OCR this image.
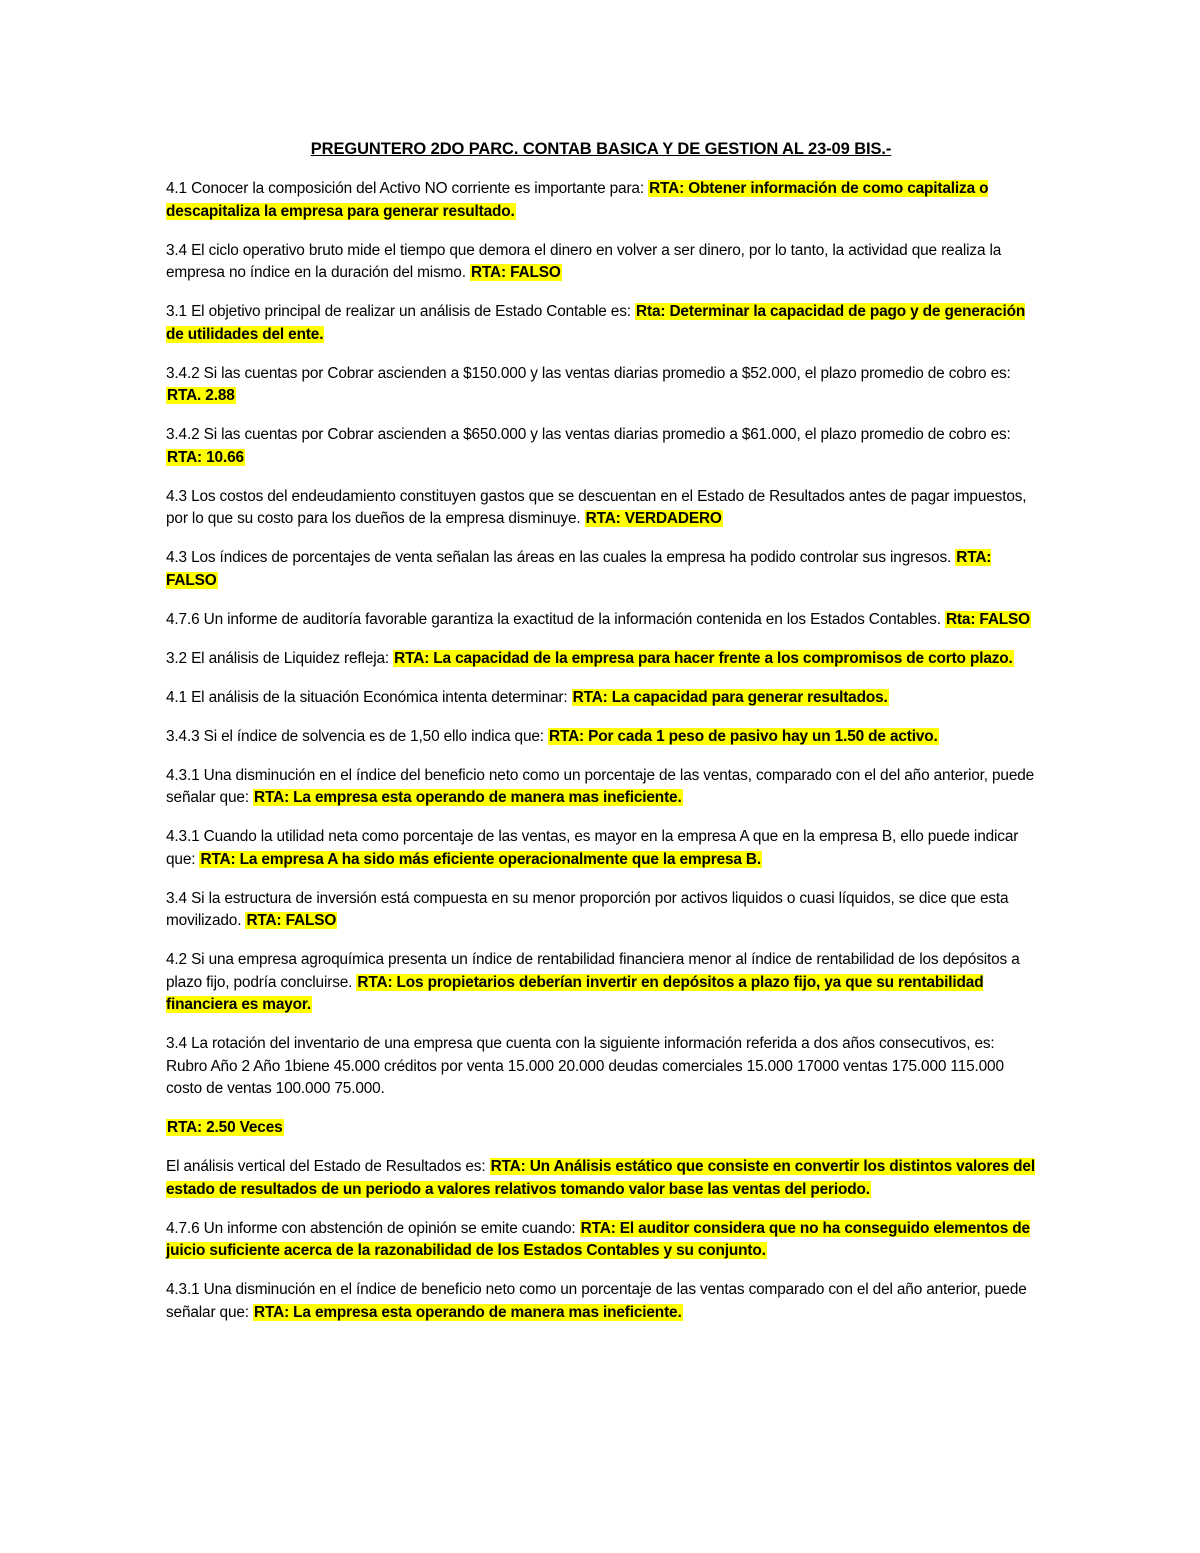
PREGUNTERO 2DO PARC. CONTAB BASICA Y DE GESTION AL 23-09 BIS.-

4.1 Conocer la composición del Activo NO corriente es importante para: RTA: Obtener información de como capitaliza o descapitaliza la empresa para generar resultado.

3.4 El ciclo operativo bruto mide el tiempo que demora el dinero en volver a ser dinero, por lo tanto, la actividad que realiza la empresa no índice en la duración del mismo. RTA: FALSO

3.1 El objetivo principal de realizar un análisis de Estado Contable es: Rta: Determinar la capacidad de pago y de generación de utilidades del ente.

3.4.2 Si las cuentas por Cobrar ascienden a $150.000 y las ventas diarias promedio a $52.000, el plazo promedio de cobro es: RTA. 2.88

3.4.2 Si las cuentas por Cobrar ascienden a $650.000 y las ventas diarias promedio a $61.000, el plazo promedio de cobro es: RTA: 10.66

4.3 Los costos del endeudamiento constituyen gastos que se descuentan en el Estado de Resultados antes de pagar impuestos, por lo que su costo para los dueños de la empresa disminuye. RTA: VERDADERO

4.3 Los índices de porcentajes de venta señalan las áreas en las cuales la empresa ha podido controlar sus ingresos. RTA: FALSO

4.7.6 Un informe de auditoría favorable garantiza la exactitud de la información contenida en los Estados Contables. Rta: FALSO

3.2 El análisis de Liquidez refleja: RTA: La capacidad de la empresa para hacer frente a los compromisos de corto plazo.

4.1 El análisis de la situación Económica intenta determinar: RTA: La capacidad para generar resultados.

3.4.3 Si el índice de solvencia es de 1,50 ello indica que: RTA: Por cada 1 peso de pasivo hay un 1.50 de activo.

4.3.1 Una disminución en el índice del beneficio neto como un porcentaje de las ventas, comparado con el del año anterior, puede señalar que: RTA: La empresa esta operando de manera mas ineficiente.

4.3.1 Cuando la utilidad neta como porcentaje de las ventas, es mayor en la empresa A que en la empresa B, ello puede indicar que: RTA: La empresa A ha sido más eficiente operacionalmente que la empresa B.

3.4 Si la estructura de inversión está compuesta en su menor proporción por activos liquidos o cuasi líquidos, se dice que esta movilizado. RTA: FALSO

4.2 Si una empresa agroquímica presenta un índice de rentabilidad financiera menor al índice de rentabilidad de los depósitos a plazo fijo, podría concluirse. RTA: Los propietarios deberían invertir en depósitos a plazo fijo, ya que su rentabilidad financiera es mayor.

3.4 La rotación del inventario de una empresa que cuenta con la siguiente información referida a dos años consecutivos, es: Rubro Año 2 Año 1biene 45.000 créditos por venta 15.000 20.000 deudas comerciales 15.000 17000 ventas 175.000 115.000 costo de ventas 100.000 75.000.

RTA: 2.50 Veces

El análisis vertical del Estado de Resultados es: RTA: Un Análisis estático que consiste en convertir los distintos valores del estado de resultados de un periodo a valores relativos tomando valor base las ventas del periodo.

4.7.6 Un informe con abstención de opinión se emite cuando: RTA: El auditor considera que no ha conseguido elementos de juicio suficiente acerca de la razonabilidad de los Estados Contables y su conjunto.

4.3.1 Una disminución en el índice de beneficio neto como un porcentaje de las ventas comparado con el del año anterior, puede señalar que: RTA: La empresa esta operando de manera mas ineficiente.
